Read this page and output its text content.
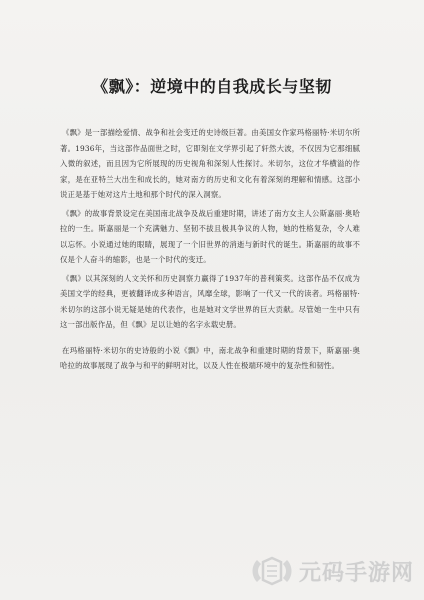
《飘》：逆境中的自我成长与坚韧

《飘》是一部描绘爱情、战争和社会变迁的史诗级巨著。由美国女作家玛格丽特·米切尔所著。1936年，当这部作品面世之时，它即刻在文学界引起了轩然大波，不仅因为它那细腻入微的叙述，而且因为它所展现的历史视角和深刻人性探讨。米切尔，这位才华横溢的作家，是在亚特兰大出生和成长的，她对南方的历史和文化有着深刻的理解和情感。这部小说正是基于她对这片土地和那个时代的深入洞察。

《飘》的故事背景设定在美国南北战争及战后重建时期，讲述了南方女主人公斯嘉丽·奥哈拉的一生。斯嘉丽是一个充满魅力、坚韧不拔且极具争议的人物，她的性格复杂，令人难以忘怀。小说通过她的眼睛，展现了一个旧世界的消逝与新时代的诞生。斯嘉丽的故事不仅是个人奋斗的缩影，也是一个时代的变迁。

《飘》以其深刻的人文关怀和历史洞察力赢得了1937年的普利策奖。这部作品不仅成为美国文学的经典，更被翻译成多种语言，风靡全球，影响了一代又一代的读者。玛格丽特·米切尔的这部小说无疑是她的代表作，也是她对文学世界的巨大贡献。尽管她一生中只有这一部出版作品，但《飘》足以让她的名字永载史册。

在玛格丽特·米切尔的史诗般的小说《飘》中，南北战争和重建时期的背景下，斯嘉丽·奥哈拉的故事展现了战争与和平的鲜明对比，以及人性在极端环境中的复杂性和韧性。

元码手游网
